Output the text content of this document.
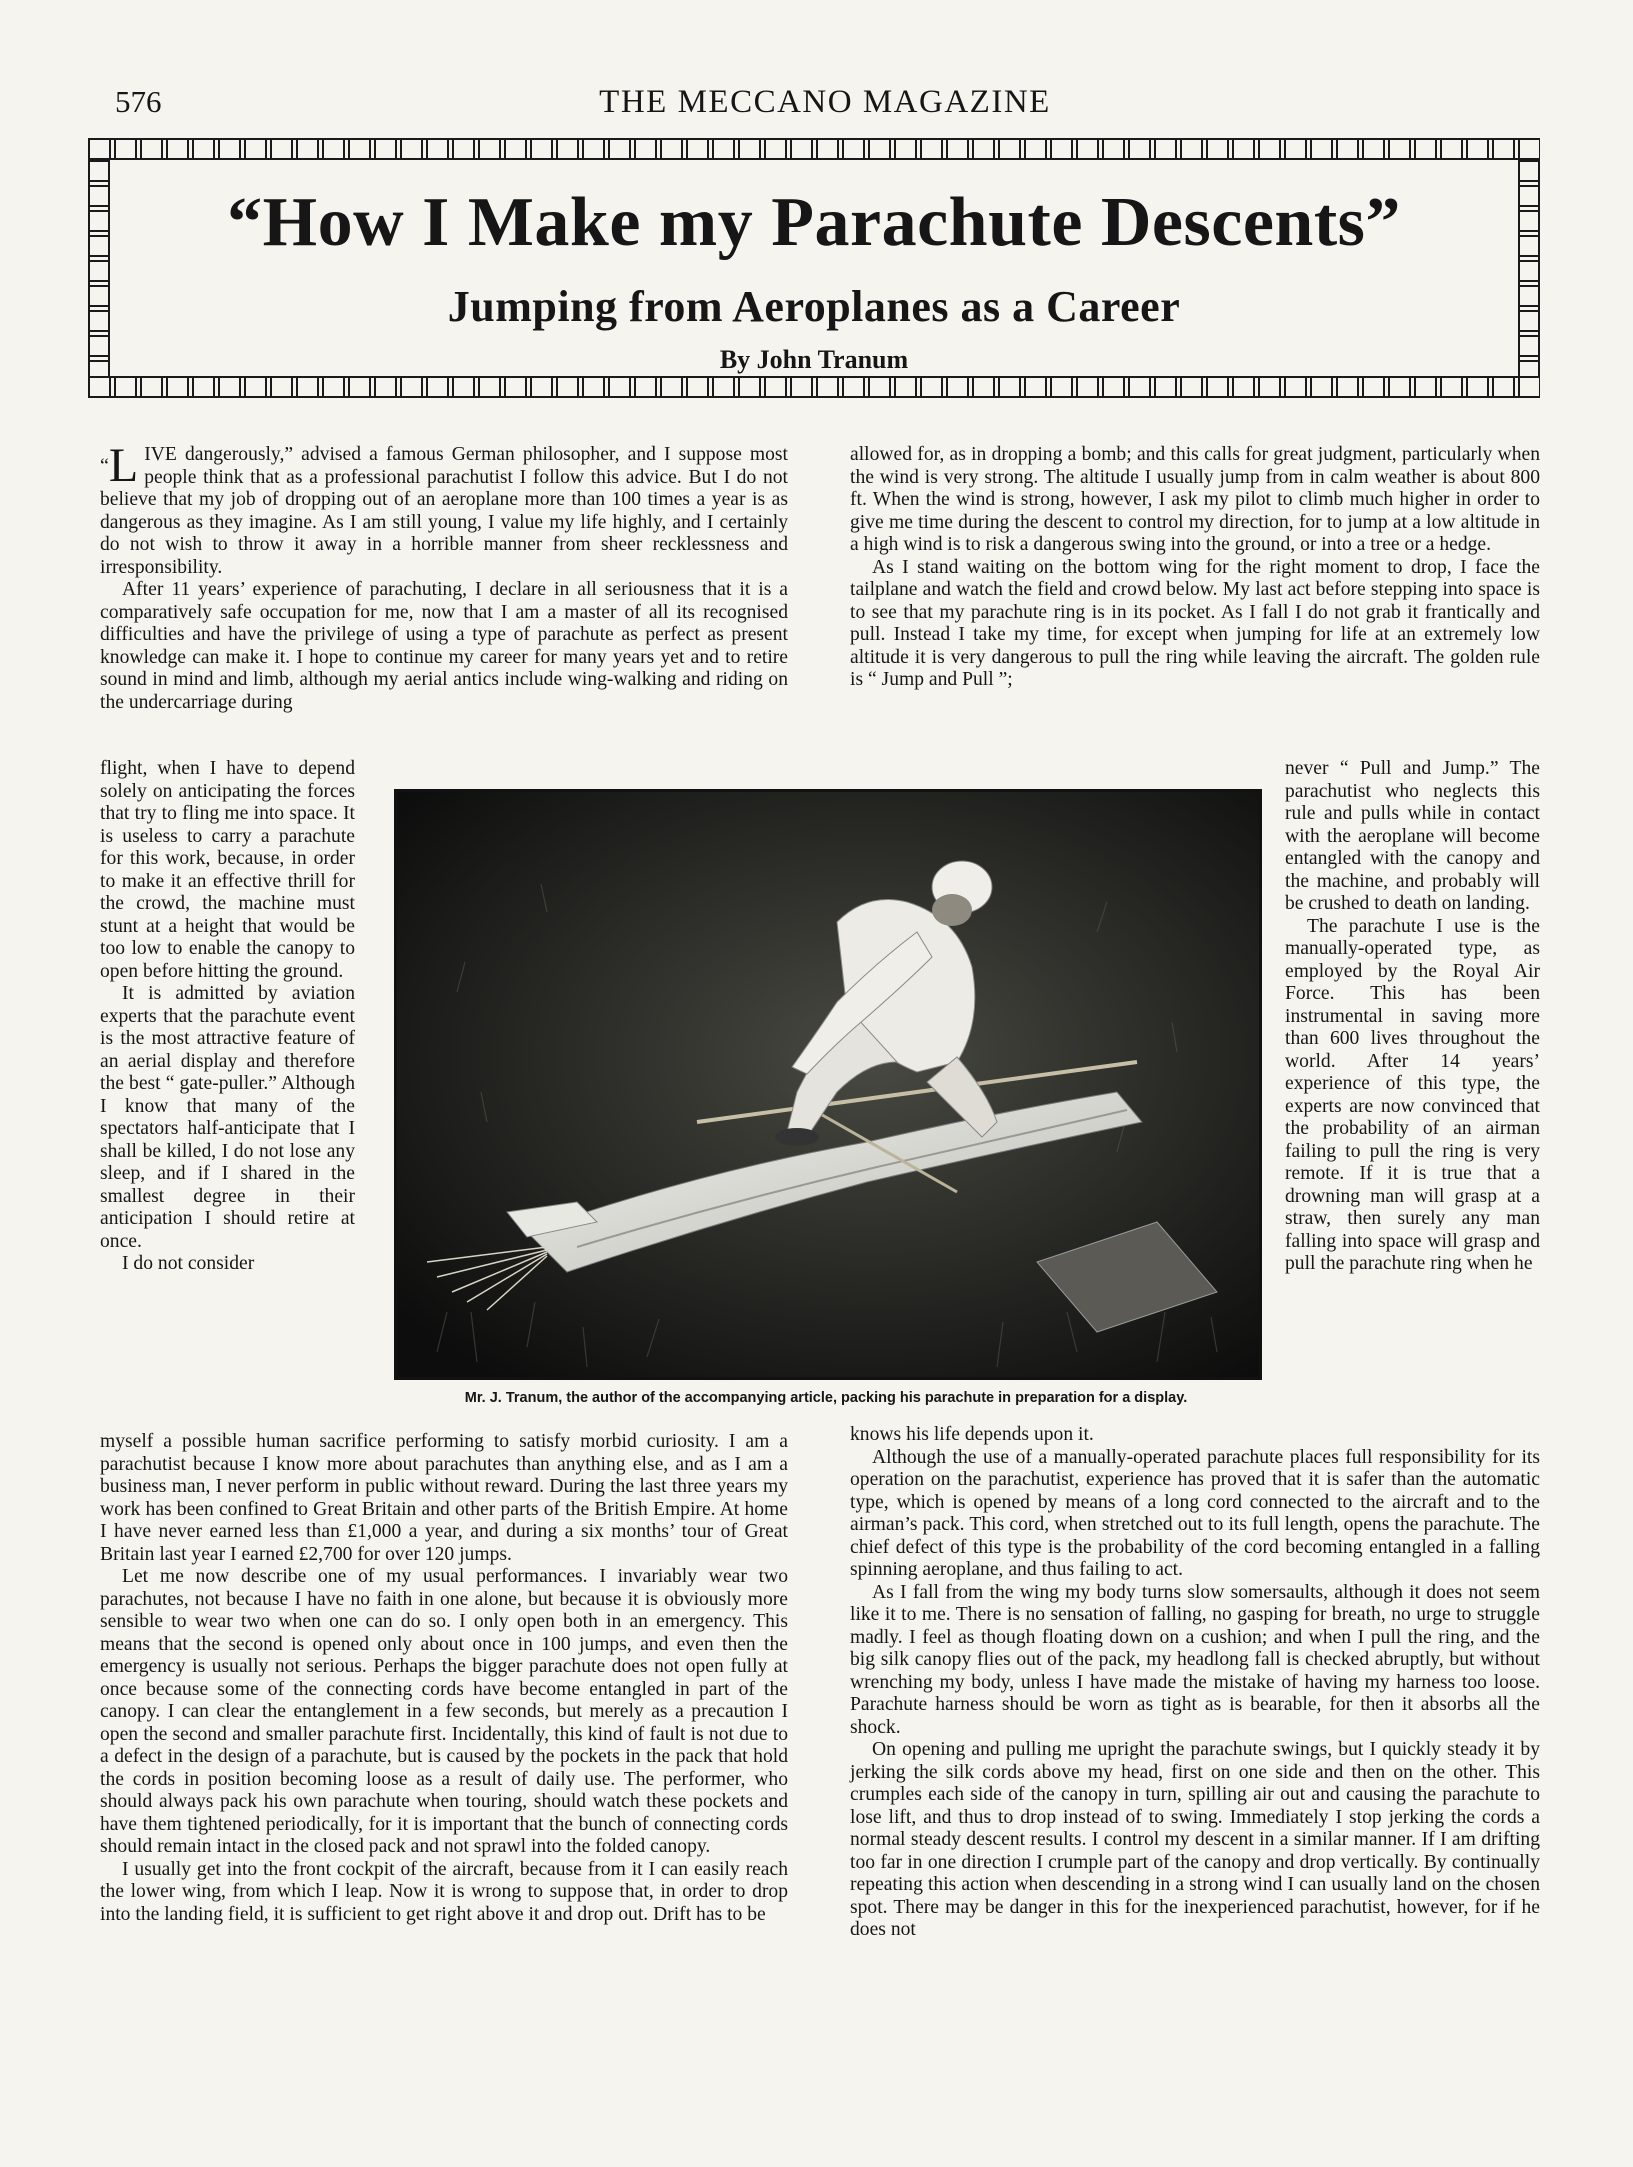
576	THE MECCANO MAGAZINE
“How I Make my Parachute Descents”
Jumping from Aeroplanes as a Career
By John Tranum

“L IVE dangerously,” advised a famous German philosopher, and I suppose most people think that as a professional parachutist I follow this advice. But I do not believe that my job of dropping out of an aeroplane more than 100 times a year is as dangerous as they imagine. As I am still young, I value my life highly, and I certainly do not wish to throw it away in a horrible manner from sheer recklessness and irresponsibility.

After 11 years’ experience of parachuting, I declare in all seriousness that it is a comparatively safe occupation for me, now that I am a master of all its recognised difficulties and have the privilege of using a type of parachute as perfect as present knowledge can make it. I hope to continue my career for many years yet and to retire sound in mind and limb, although my aerial antics include wing-walking and riding on the undercarriage during

flight, when I have to depend solely on anticipating the forces that try to fling me into space. It is useless to carry a parachute for this work, because, in order to make it an effective thrill for the crowd, the machine must stunt at a height that would be too low to enable the canopy to open before hitting the ground.

It is admitted by aviation experts that the parachute event is the most attractive feature of an aerial display and therefore the best “ gate-puller.” Although I know that many of the spectators half-anticipate that I shall be killed, I do not lose any sleep, and if I shared in the smallest degree in their anticipation I should retire at once.

I do not consider

myself a possible human sacrifice performing to satisfy morbid curiosity. I am a parachutist because I know more about parachutes than anything else, and as I am a business man, I never perform in public without reward. During the last three years my work has been confined to Great Britain and other parts of the British Empire. At home I have never earned less than £1,000 a year, and during a six months’ tour of Great Britain last year I earned £2,700 for over 120 jumps.

Let me now describe one of my usual performances. I invariably wear two parachutes, not because I have no faith in one alone, but because it is obviously more sensible to wear two when one can do so. I only open both in an emergency. This means that the second is opened only about once in 100 jumps, and even then the emergency is usually not serious. Perhaps the bigger parachute does not open fully at once because some of the connecting cords have become entangled in part of the canopy. I can clear the entanglement in a few seconds, but merely as a precaution I open the second and smaller parachute first. Incidentally, this kind of fault is not due to a defect in the design of a parachute, but is caused by the pockets in the pack that hold the cords in position becoming loose as a result of daily use. The performer, who should always pack his own parachute when touring, should watch these pockets and have them tightened periodically, for it is important that the bunch of connecting cords should remain intact in the closed pack and not sprawl into the folded canopy.

I usually get into the front cockpit of the aircraft, because from it I can easily reach the lower wing, from which I leap. Now it is wrong to suppose that, in order to drop into the landing field, it is sufficient to get right above it and drop out. Drift has to be

allowed for, as in dropping a bomb; and this calls for great judgment, particularly when the wind is very strong. The altitude I usually jump from in calm weather is about 800 ft. When the wind is strong, however, I ask my pilot to climb much higher in order to give me time during the descent to control my direction, for to jump at a low altitude in a high wind is to risk a dangerous swing into the ground, or into a tree or a hedge.

As I stand waiting on the bottom wing for the right moment to drop, I face the tailplane and watch the field and crowd below. My last act before stepping into space is to see that my parachute ring is in its pocket. As I fall I do not grab it frantically and pull. Instead I take my time, for except when jumping for life at an extremely low altitude it is very dangerous to pull the ring while leaving the aircraft. The golden rule is “ Jump and Pull ”;

never “ Pull and Jump.” The parachutist who neglects this rule and pulls while in contact with the aeroplane will become entangled with the canopy and the machine, and probably will be crushed to death on landing.

The parachute I use is the manually-operated type, as employed by the Royal Air Force. This has been instrumental in saving more than 600 lives throughout the world. After 14 years’ experience of this type, the experts are now convinced that the probability of an airman failing to pull the ring is very remote. If it is true that a drowning man will grasp at a straw, then surely any man falling into space will grasp and pull the parachute ring when he

knows his life depends upon it.

Although the use of a manually-operated parachute places full responsibility for its operation on the parachutist, experience has proved that it is safer than the automatic type, which is opened by means of a long cord connected to the aircraft and to the airman’s pack. This cord, when stretched out to its full length, opens the parachute. The chief defect of this type is the probability of the cord becoming entangled in a falling spinning aeroplane, and thus failing to act.

As I fall from the wing my body turns slow somersaults, although it does not seem like it to me. There is no sensation of falling, no gasping for breath, no urge to struggle madly. I feel as though floating down on a cushion; and when I pull the ring, and the big silk canopy flies out of the pack, my headlong fall is checked abruptly, but without wrenching my body, unless I have made the mistake of having my harness too loose. Parachute harness should be worn as tight as is bearable, for then it absorbs all the shock.

On opening and pulling me upright the parachute swings, but I quickly steady it by jerking the silk cords above my head, first on one side and then on the other. This crumples each side of the canopy in turn, spilling air out and causing the parachute to lose lift, and thus to drop instead of to swing. Immediately I stop jerking the cords a normal steady descent results. I control my descent in a similar manner. If I am drifting too far in one direction I crumple part of the canopy and drop vertically. By continually repeating this action when descending in a strong wind I can usually land on the chosen spot. There may be danger in this for the inexperienced parachutist, however, for if he does not

Mr. J. Tranum, the author of the accompanying article, packing his parachute in preparation for a display.
